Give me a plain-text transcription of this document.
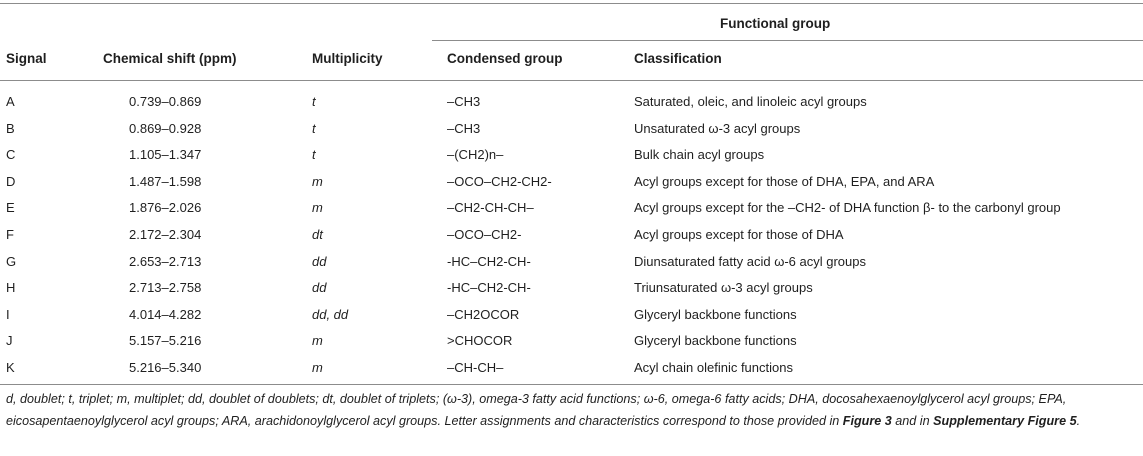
Functional group
Signal	Chemical shift (ppm)	Multiplicity	Condensed group	Classification
A	0.739–0.869	t	–CH3	Saturated, oleic, and linoleic acyl groups
B	0.869–0.928	t	–CH3	Unsaturated ω-3 acyl groups
C	1.105–1.347	t	–(CH2)n–	Bulk chain acyl groups
D	1.487–1.598	m	–OCO–CH2-CH2-	Acyl groups except for those of DHA, EPA, and ARA
E	1.876–2.026	m	–CH2-CH-CH–	Acyl groups except for the –CH2- of DHA function β- to the carbonyl group
F	2.172–2.304	dt	–OCO–CH2-	Acyl groups except for those of DHA
G	2.653–2.713	dd	-HC–CH2-CH-	Diunsaturated fatty acid ω-6 acyl groups
H	2.713–2.758	dd	-HC–CH2-CH-	Triunsaturated ω-3 acyl groups
I	4.014–4.282	dd, dd	–CH2OCOR	Glyceryl backbone functions
J	5.157–5.216	m	>CHOCOR	Glyceryl backbone functions
K	5.216–5.340	m	–CH-CH–	Acyl chain olefinic functions
d, doublet; t, triplet; m, multiplet; dd, doublet of doublets; dt, doublet of triplets; (ω-3), omega-3 fatty acid functions; ω-6, omega-6 fatty acids; DHA, docosahexaenoylglycerol acyl groups; EPA, eicosapentaenoylglycerol acyl groups; ARA, arachidonoylglycerol acyl groups. Letter assignments and characteristics correspond to those provided in Figure 3 and in Supplementary Figure 5.
